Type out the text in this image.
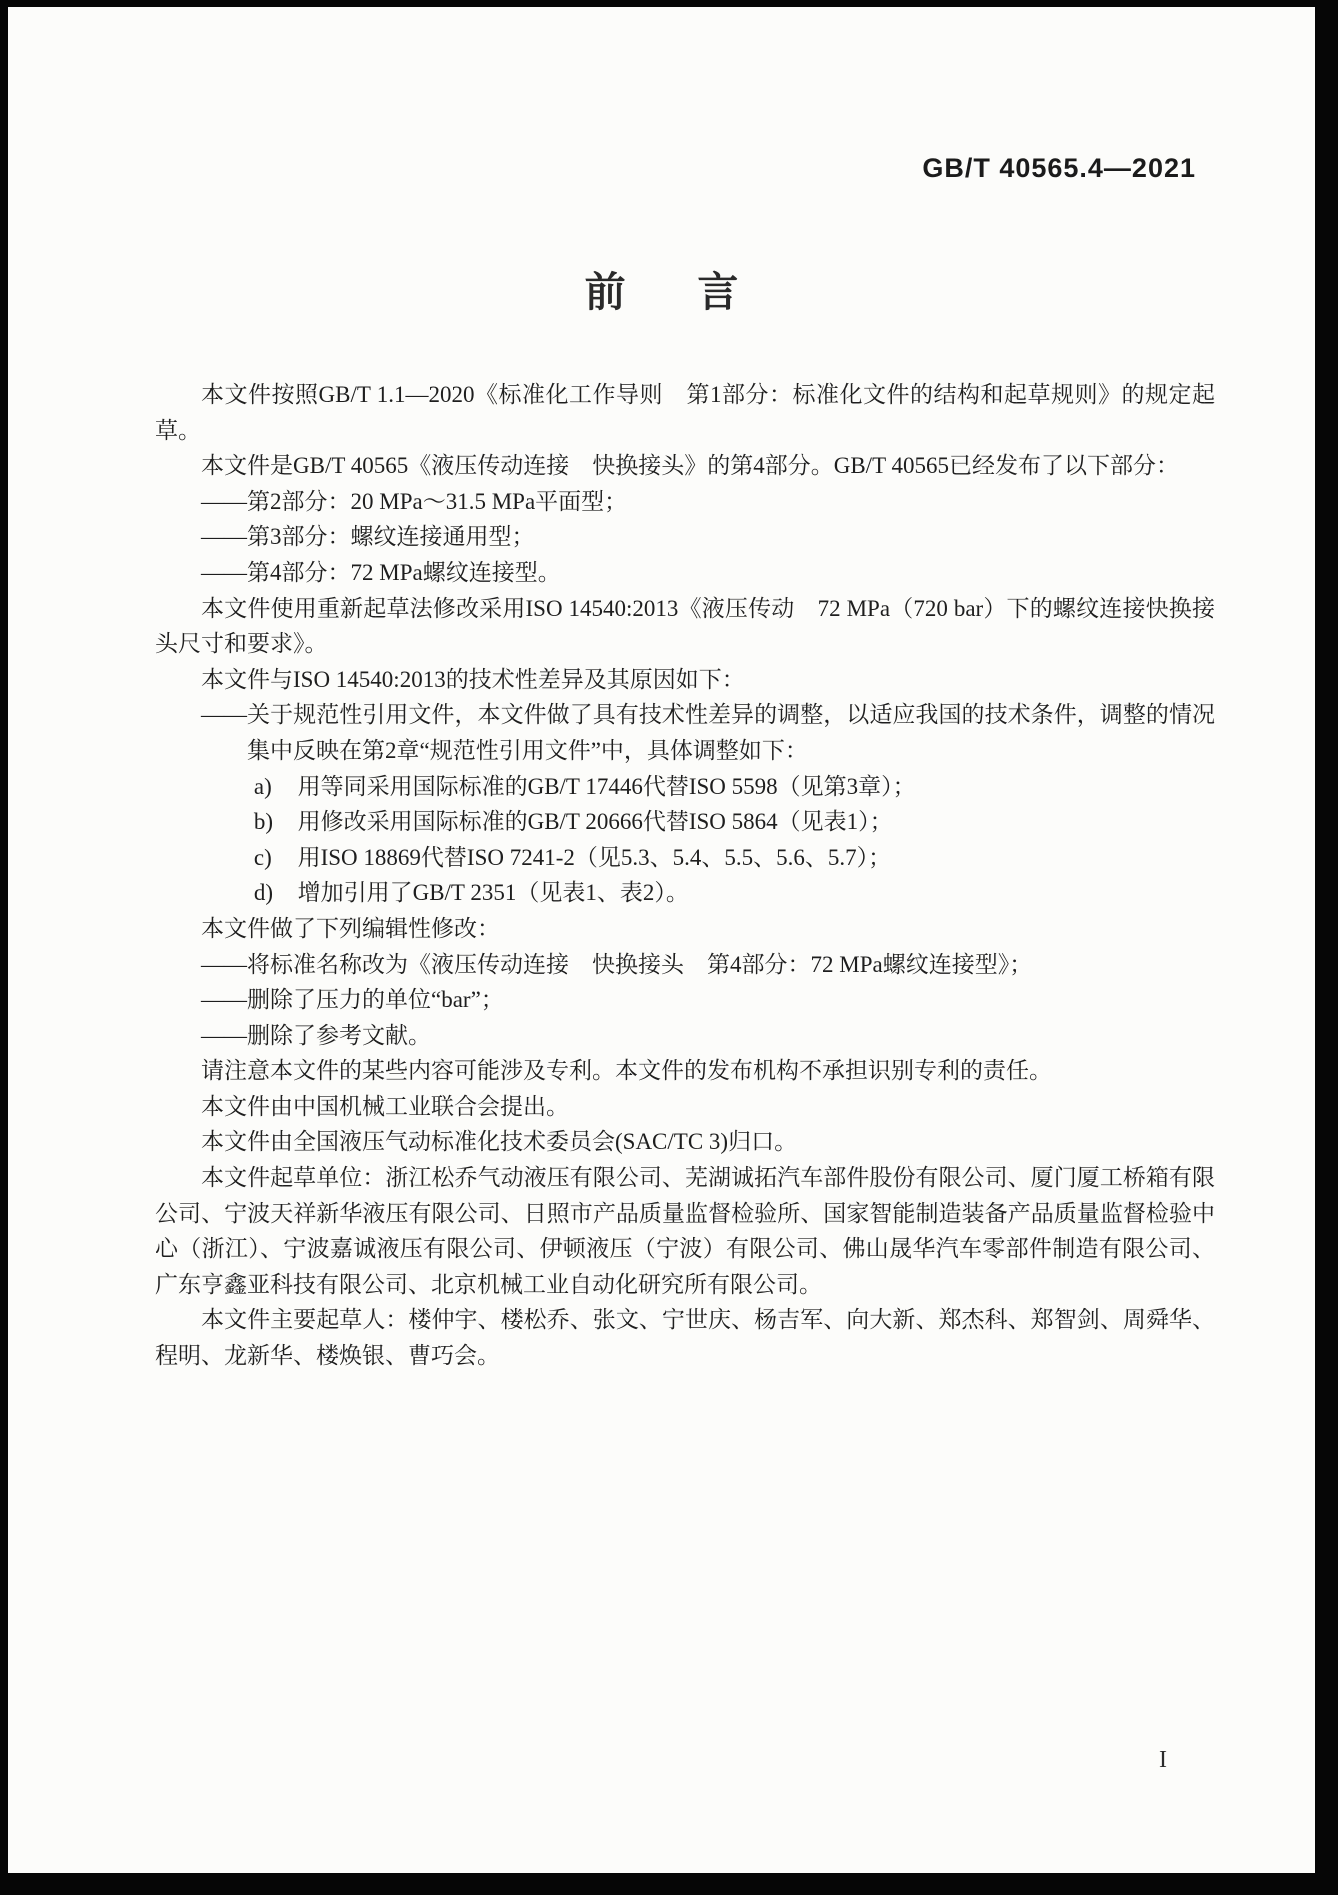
GB/T 40565.4—2021
前言

本文件按照GB/T 1.1—2020《标准化工作导则　第1部分：标准化文件的结构和起草规则》的规定起草。

本文件是GB/T 40565《液压传动连接　快换接头》的第4部分。GB/T 40565已经发布了以下部分：

——第2部分：20 MPa～31.5 MPa平面型；

——第3部分：螺纹连接通用型；

——第4部分：72 MPa螺纹连接型。

本文件使用重新起草法修改采用ISO 14540:2013《液压传动　72 MPa（720 bar）下的螺纹连接快换接头尺寸和要求》。

本文件与ISO 14540:2013的技术性差异及其原因如下：

——关于规范性引用文件，本文件做了具有技术性差异的调整，以适应我国的技术条件，调整的情况集中反映在第2章“规范性引用文件”中，具体调整如下：

a) 用等同采用国际标准的GB/T 17446代替ISO 5598（见第3章）；

b) 用修改采用国际标准的GB/T 20666代替ISO 5864（见表1）；

c) 用ISO 18869代替ISO 7241-2（见5.3、5.4、5.5、5.6、5.7）；

d) 增加引用了GB/T 2351（见表1、表2）。

本文件做了下列编辑性修改：

——将标准名称改为《液压传动连接　快换接头　第4部分：72 MPa螺纹连接型》；

——删除了压力的单位“bar”；

——删除了参考文献。

请注意本文件的某些内容可能涉及专利。本文件的发布机构不承担识别专利的责任。

本文件由中国机械工业联合会提出。

本文件由全国液压气动标准化技术委员会(SAC/TC 3)归口。

本文件起草单位：浙江松乔气动液压有限公司、芜湖诚拓汽车部件股份有限公司、厦门厦工桥箱有限公司、宁波天祥新华液压有限公司、日照市产品质量监督检验所、国家智能制造装备产品质量监督检验中心（浙江）、宁波嘉诚液压有限公司、伊顿液压（宁波）有限公司、佛山晟华汽车零部件制造有限公司、广东亨鑫亚科技有限公司、北京机械工业自动化研究所有限公司。

本文件主要起草人：楼仲宇、楼松乔、张文、宁世庆、杨吉军、向大新、郑杰科、郑智剑、周舜华、程明、龙新华、楼焕银、曹巧会。

I
